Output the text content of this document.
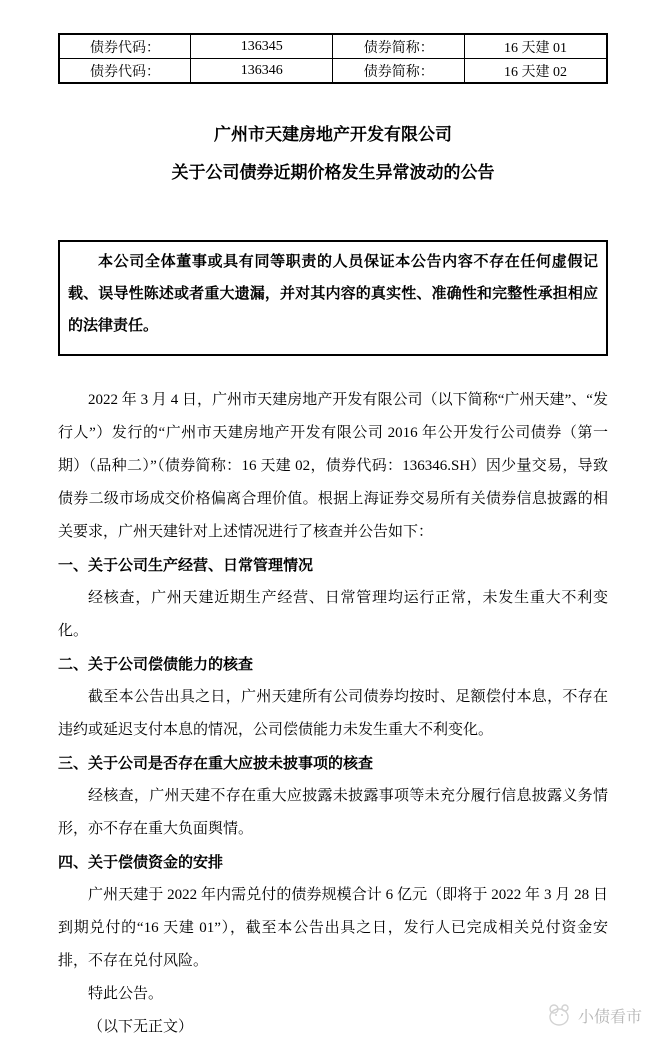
债券代码：	136345	债券简称：	16 天建 01
债券代码：	136346	债券简称：	16 天建 02
广州市天建房地产开发有限公司
关于公司债券近期价格发生异常波动的公告

本公司全体董事或具有同等职责的人员保证本公告内容不存在任何虚假记载、误导性陈述或者重大遗漏，并对其内容的真实性、准确性和完整性承担相应的法律责任。

2022 年 3 月 4 日，广州市天建房地产开发有限公司（以下简称“广州天建”、“发行人”）发行的“广州市天建房地产开发有限公司 2016 年公开发行公司债券（第一期）（品种二）”（债券简称：16 天建 02，债券代码：136346.SH）因少量交易，导致债券二级市场成交价格偏离合理价值。根据上海证券交易所有关债券信息披露的相关要求，广州天建针对上述情况进行了核查并公告如下：

一、关于公司生产经营、日常管理情况

经核查，广州天建近期生产经营、日常管理均运行正常，未发生重大不利变化。

二、关于公司偿债能力的核查

截至本公告出具之日，广州天建所有公司债券均按时、足额偿付本息，不存在违约或延迟支付本息的情况，公司偿债能力未发生重大不利变化。

三、关于公司是否存在重大应披未披事项的核查

经核查，广州天建不存在重大应披露未披露事项等未充分履行信息披露义务情形，亦不存在重大负面舆情。

四、关于偿债资金的安排

广州天建于 2022 年内需兑付的债券规模合计 6 亿元（即将于 2022 年 3 月 28 日到期兑付的“16 天建 01”），截至本公告出具之日，发行人已完成相关兑付资金安排，不存在兑付风险。

特此公告。

（以下无正文）

小债看市
